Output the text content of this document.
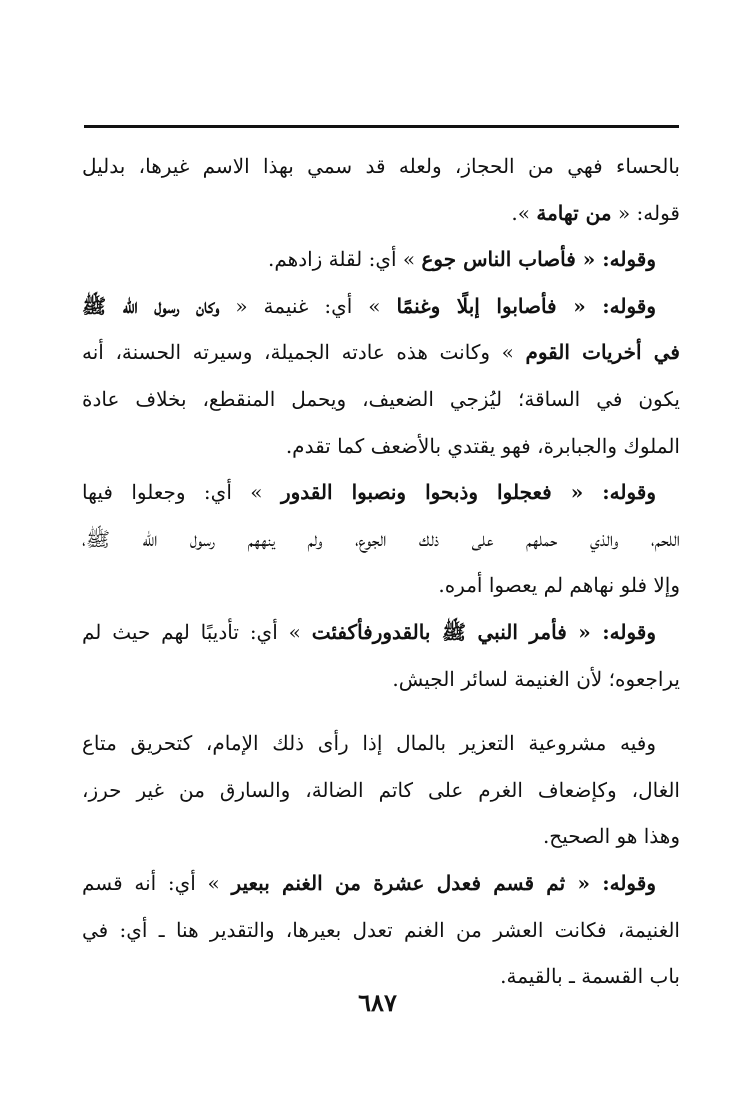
بالحساء فهي من الحجاز، ولعله قد سمي بهذا الاسم غيرها، بدليل
قوله: « من تهامة ».
وقوله: « فأصاب الناس جوع » أي: لقلة زادهم.
وقوله: « فأصابوا إبلًا وغنمًا » أي: غنيمة « وكان رسول الله ﷺ
في أخريات القوم » وكانت هذه عادته الجميلة، وسيرته الحسنة، أنه
يكون في الساقة؛ ليُزجي الضعيف، ويحمل المنقطع، بخلاف عادة
الملوك والجبابرة، فهو يقتدي بالأضعف كما تقدم.
وقوله: « فعجلوا وذبحوا ونصبوا القدور » أي: وجعلوا فيها
اللحم، والذي حملهم على ذلك الجوع، ولم ينههم رسول الله ﷺ،
وإلا فلو نهاهم لم يعصوا أمره.
وقوله: « فأمر النبي ﷺ بالقدورفأكفئت » أي: تأديبًا لهم حيث لم
يراجعوه؛ لأن الغنيمة لسائر الجيش.
وفيه مشروعية التعزير بالمال إذا رأى ذلك الإمام، كتحريق متاع
الغال، وكإضعاف الغرم على كاتم الضالة، والسارق من غير حرز،
وهذا هو الصحيح.
وقوله: « ثم قسم فعدل عشرة من الغنم ببعير » أي: أنه قسم
الغنيمة، فكانت العشر من الغنم تعدل بعيرها، والتقدير هنا ـ أي: في
باب القسمة ـ بالقيمة.
٦٨٧
